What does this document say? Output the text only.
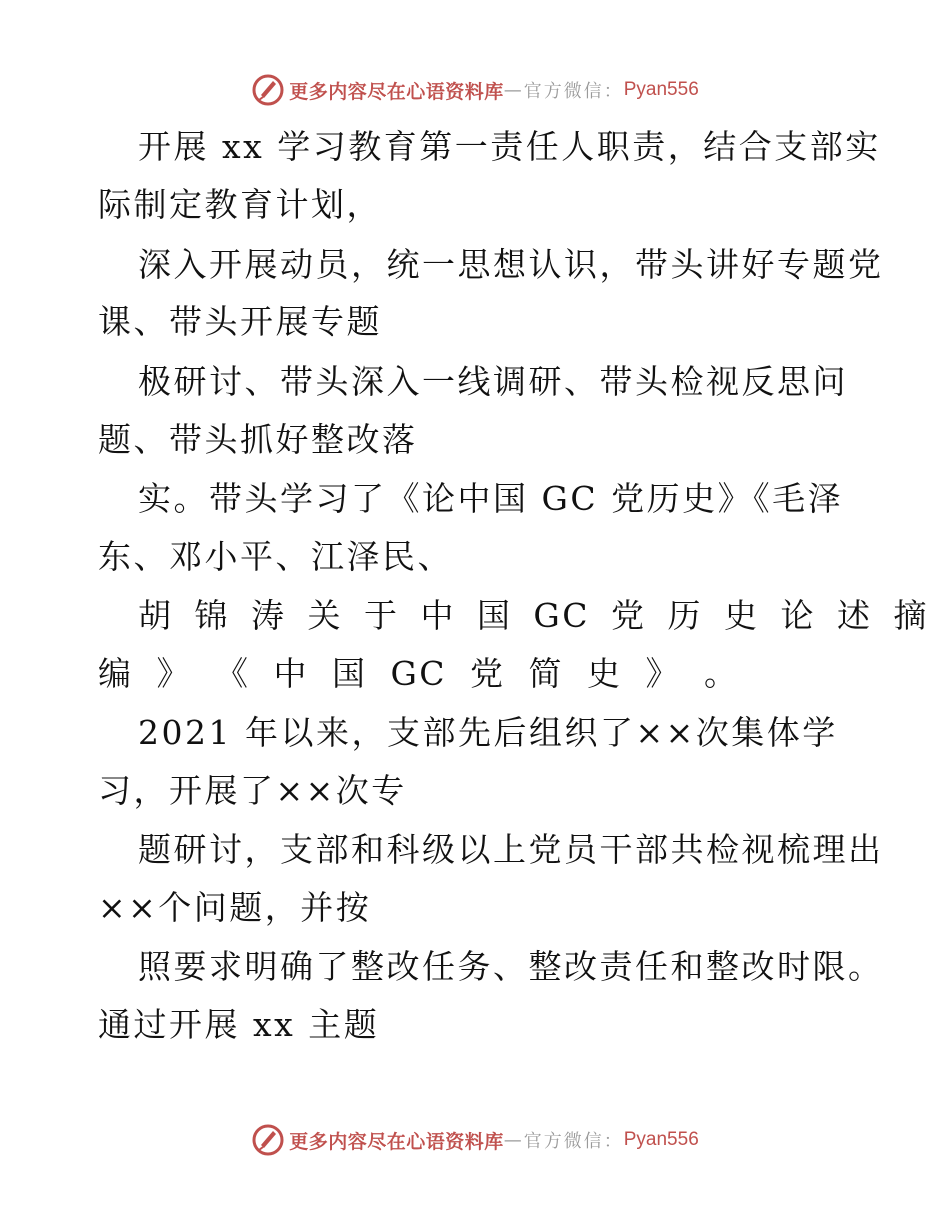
更多内容尽在心语资料库 — 官方微信： Pyan556
开展 xx 学习教育第一责任人职责，结合支部实
际制定教育计划，
深入开展动员，统一思想认识，带头讲好专题党
课、带头开展专题
极研讨、带头深入一线调研、带头检视反思问
题、带头抓好整改落
实。带头学习了《论中国 GC 党历史》《毛泽
东、邓小平、江泽民、
胡 锦 涛 关 于 中 国 GC 党 历 史 论 述 摘
编 》 《 中 国 GC 党 简 史 》 。
2021 年以来，支部先后组织了××次集体学
习，开展了××次专
题研讨，支部和科级以上党员干部共检视梳理出
××个问题，并按
照要求明确了整改任务、整改责任和整改时限。
通过开展 xx 主题
更多内容尽在心语资料库 — 官方微信： Pyan556
